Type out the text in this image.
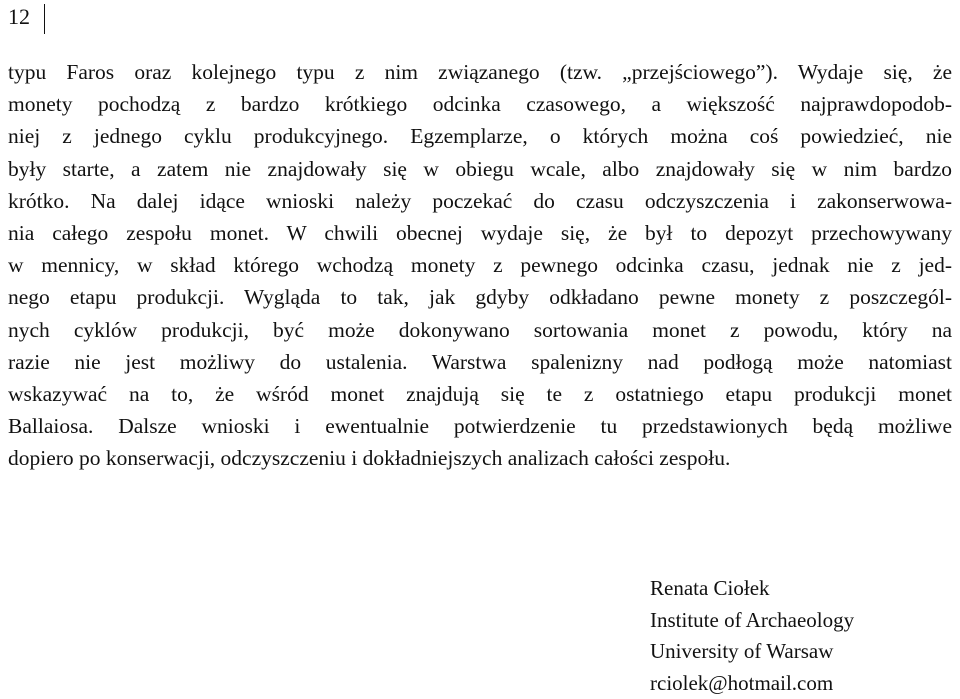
12
typu Faros oraz kolejnego typu z nim związanego (tzw. „przejściowego”). Wydaje się, że
monety pochodzą z bardzo krótkiego odcinka czasowego, a większość najprawdopodob-
niej z jednego cyklu produkcyjnego. Egzemplarze, o których można coś powiedzieć, nie
były starte, a zatem nie znajdowały się w obiegu wcale, albo znajdowały się w nim bardzo
krótko. Na dalej idące wnioski należy poczekać do czasu odczyszczenia i zakonserwowa-
nia całego zespołu monet. W chwili obecnej wydaje się, że był to depozyt przechowywany
w mennicy, w skład którego wchodzą monety z pewnego odcinka czasu, jednak nie z jed-
nego etapu produkcji. Wygląda to tak, jak gdyby odkładano pewne monety z poszczegól-
nych cyklów produkcji, być może dokonywano sortowania monet z powodu, który na
razie nie jest możliwy do ustalenia. Warstwa spalenizny nad podłogą może natomiast
wskazywać na to, że wśród monet znajdują się te z ostatniego etapu produkcji monet
Ballaiosa. Dalsze wnioski i ewentualnie potwierdzenie tu przedstawionych będą możliwe
dopiero po konserwacji, odczyszczeniu i dokładniejszych analizach całości zespołu.
Renata Ciołek
Institute of Archaeology
University of Warsaw
rciolek@hotmail.com
